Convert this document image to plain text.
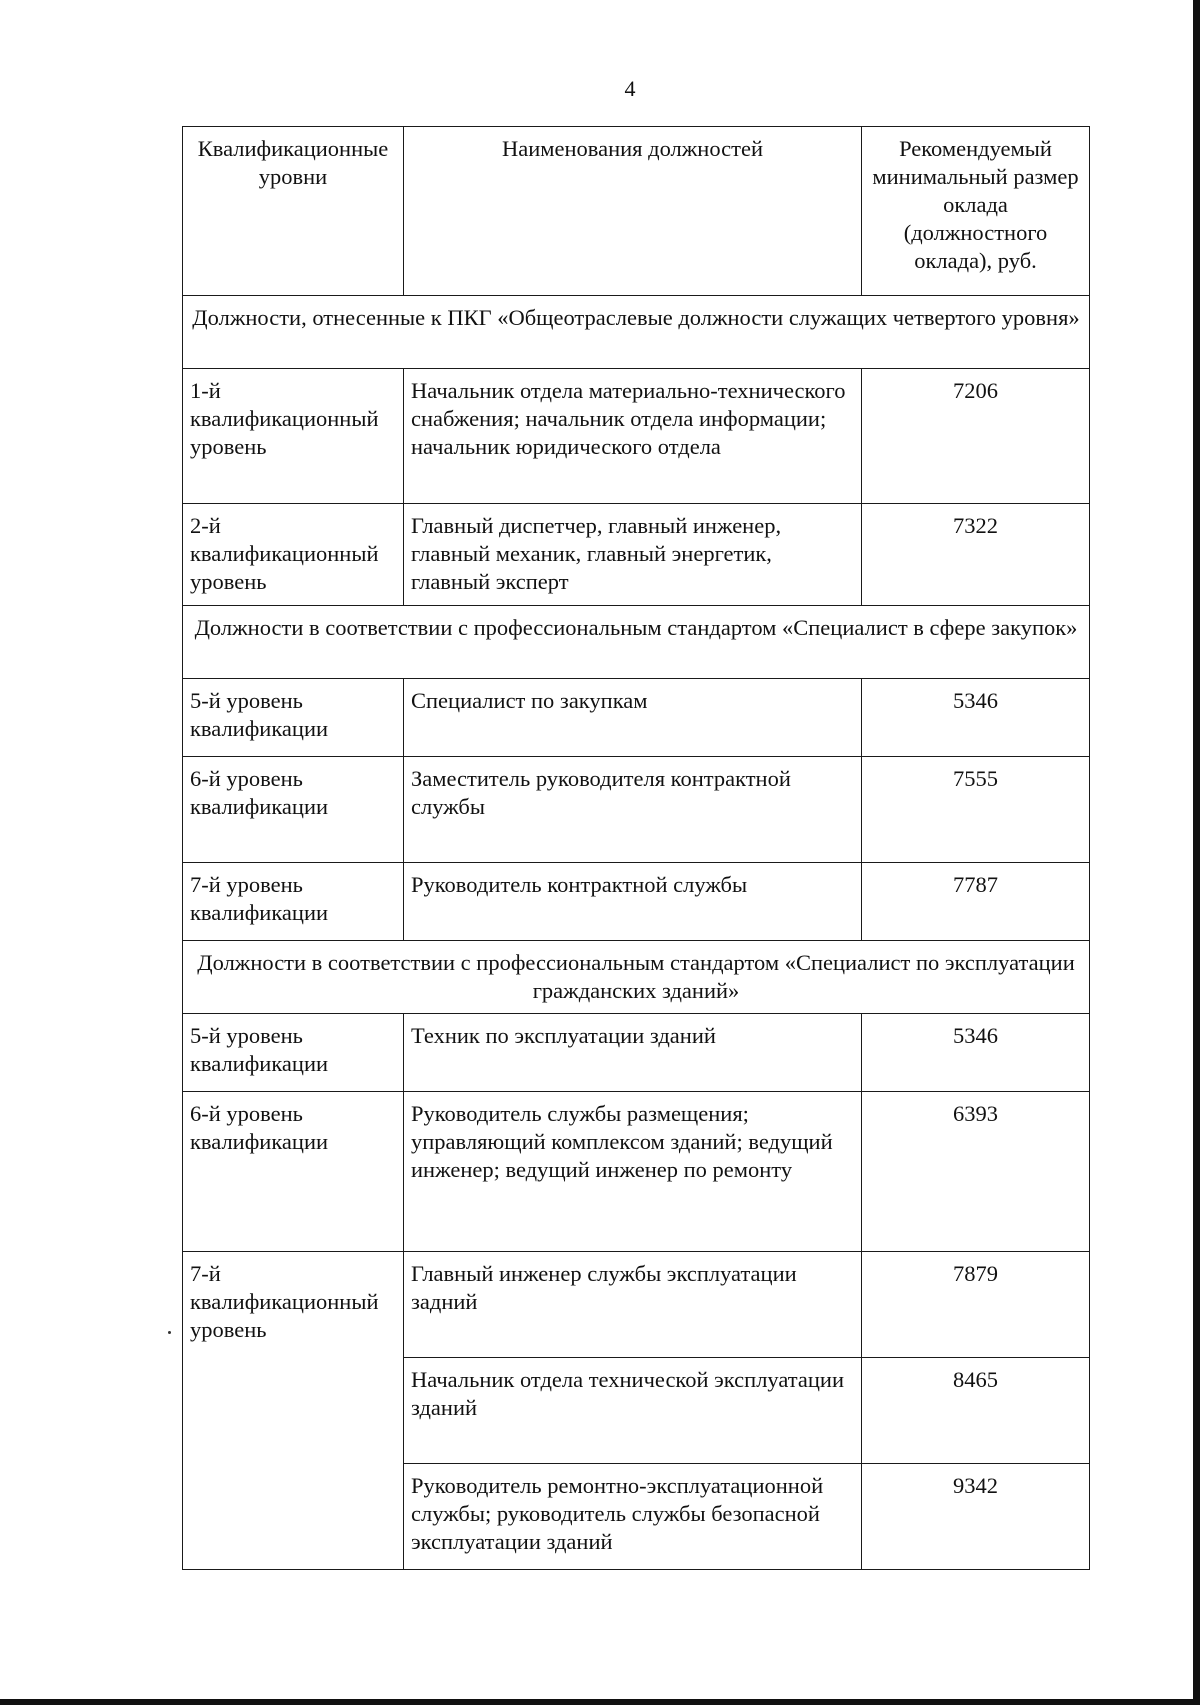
4
Квалификационные уровни	Наименования должностей	Рекомендуемый минимальный размер оклада (должностного оклада), руб.
Должности, отнесенные к ПКГ «Общеотраслевые должности служащих четвертого уровня»		
1-й квалификационный уровень	Начальник отдела материально-технического снабжения; начальник отдела информации; начальник юридического отдела	7206
2-й квалификационный уровень	Главный диспетчер, главный инженер, главный механик, главный энергетик, главный эксперт	7322
Должности в соответствии с профессиональным стандартом «Специалист в сфере закупок»		
5-й уровень квалификации	Специалист по закупкам	5346
6-й уровень квалификации	Заместитель руководителя контрактной службы	7555
7-й уровень квалификации	Руководитель контрактной службы	7787
Должности в соответствии с профессиональным стандартом «Специалист по эксплуатации гражданских зданий»		
5-й уровень квалификации	Техник по эксплуатации зданий	5346
6-й уровень квалификации	Руководитель службы размещения; управляющий комплексом зданий; ведущий инженер; ведущий инженер по ремонту	6393
7-й квалификационный уровень	Главный инженер службы эксплуатации задний	7879
	Начальник отдела технической эксплуатации зданий	8465
	Руководитель ремонтно-эксплуатационной службы; руководитель службы безопасной эксплуатации зданий	9342
